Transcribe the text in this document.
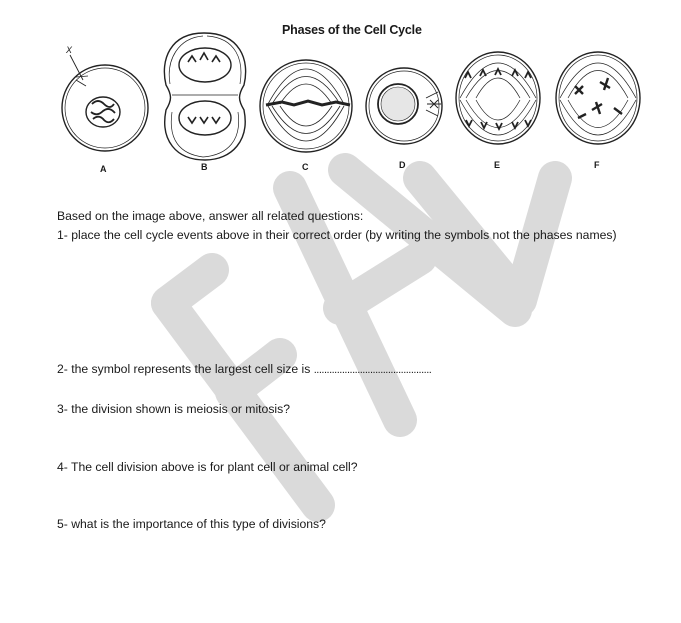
Phases of the Cell Cycle
X
A	B	C	D	E	F
Based on the image above, answer all related questions:
1- place the cell cycle events above in their correct order (by writing the symbols not the phases names)
2- the symbol represents the largest cell size is ..............................................
3- the division shown is meiosis or mitosis?
4- The cell division above is for plant cell or animal cell?
5- what is the importance of this type of divisions?
